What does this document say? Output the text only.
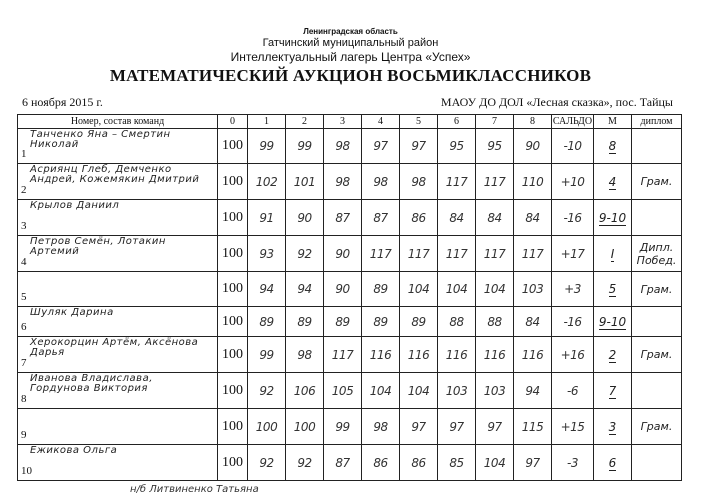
Ленинградская область
Гатчинский муниципальный район
Интеллектуальный лагерь Центра «Успех»
МАТЕМАТИЧЕСКИЙ АУКЦИОН ВОСЬМИКЛАССНИКОВ
6 ноября 2015 г.	МАОУ ДО ДОЛ «Лесная сказка», пос. Тайцы
Номер, состав команд	0	1	2	3	4	5	6	7	8	САЛЬДО	М	диплом

Танченко Яна – Смертин Николай
1	100	99	99	98	97	97	95	95	90	-10	8	

Асриянц Глеб, Демченко Андрей, Кожемякин Дмитрий
2	100	102	101	98	98	98	117	117	110	+10	4	Грам.

Крылов Даниил
3	100	91	90	87	87	86	84	84	84	-16	9-10	

Петров Семён, Лотакин Артемий
4	100	93	92	90	117	117	117	117	117	+17	I	Дипл. Побед.

5	100	94	94	90	89	104	104	104	103	+3	5	Грам.

Шуляк Дарина
6	100	89	89	89	89	89	88	88	84	-16	9-10	

Херокорцин Артём, Аксёнова Дарья
7	100	99	98	117	116	116	116	116	116	+16	2	Грам.

Иванова Владислава, Гордунова Виктория
8	100	92	106	105	104	104	103	103	94	-6	7	

9	100	100	100	99	98	97	97	97	115	+15	3	Грам.

Ежикова Ольга
10	100	92	92	87	86	86	85	104	97	-3	6	
н/б Литвиненко Татьяна
